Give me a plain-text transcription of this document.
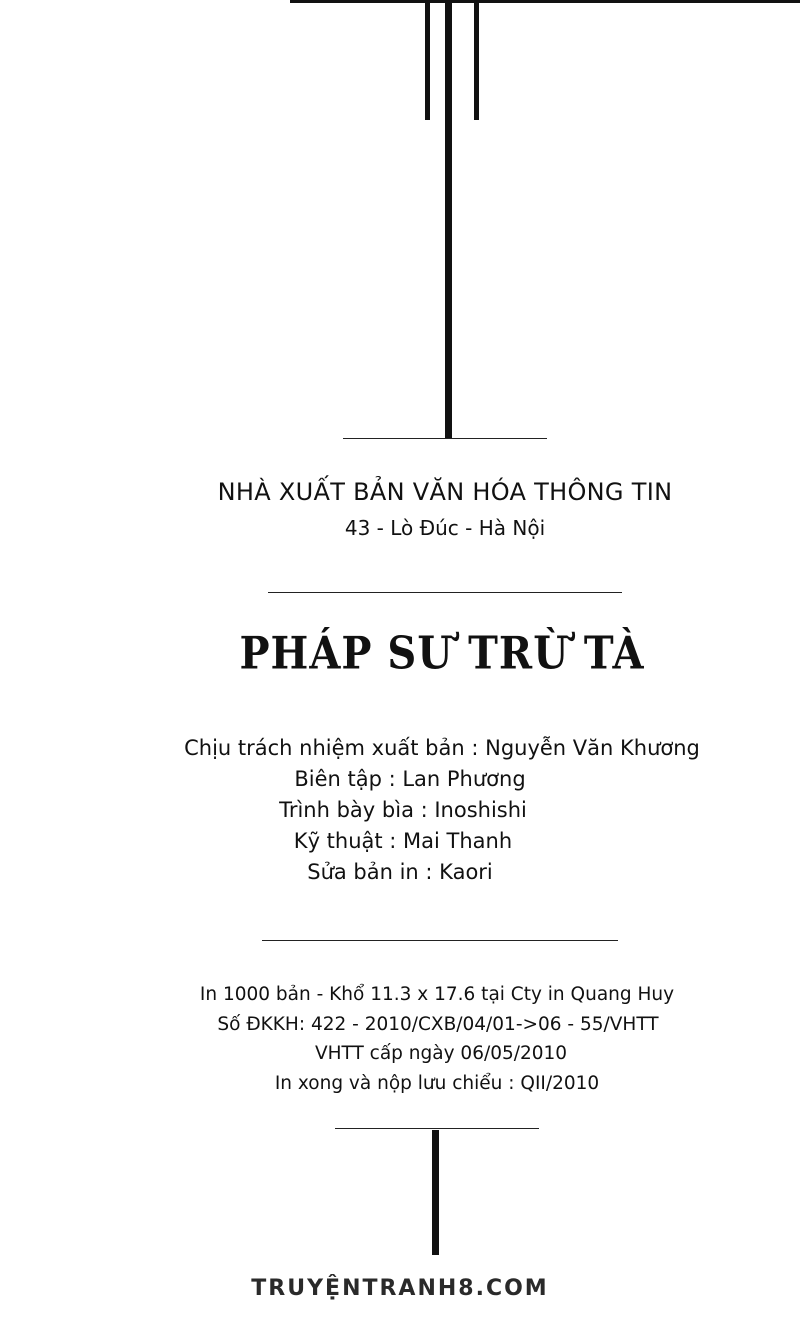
NHÀ XUẤT BẢN VĂN HÓA THÔNG TIN
43 - Lò Đúc - Hà Nội
PHÁP SƯ TRỪ TÀ
Chịu trách nhiệm xuất bản : Nguyễn Văn Khương
Biên tập : Lan Phương
Trình bày bìa : Inoshishi
Kỹ thuật : Mai Thanh
Sửa bản in : Kaori
In 1000 bản - Khổ 11.3 x 17.6 tại Cty in Quang Huy
Số ĐKKH: 422 - 2010/CXB/04/01->06 - 55/VHTT
VHTT cấp ngày 06/05/2010
In xong và nộp lưu chiểu : QII/2010
TRUYỆNTRANH8.COM
